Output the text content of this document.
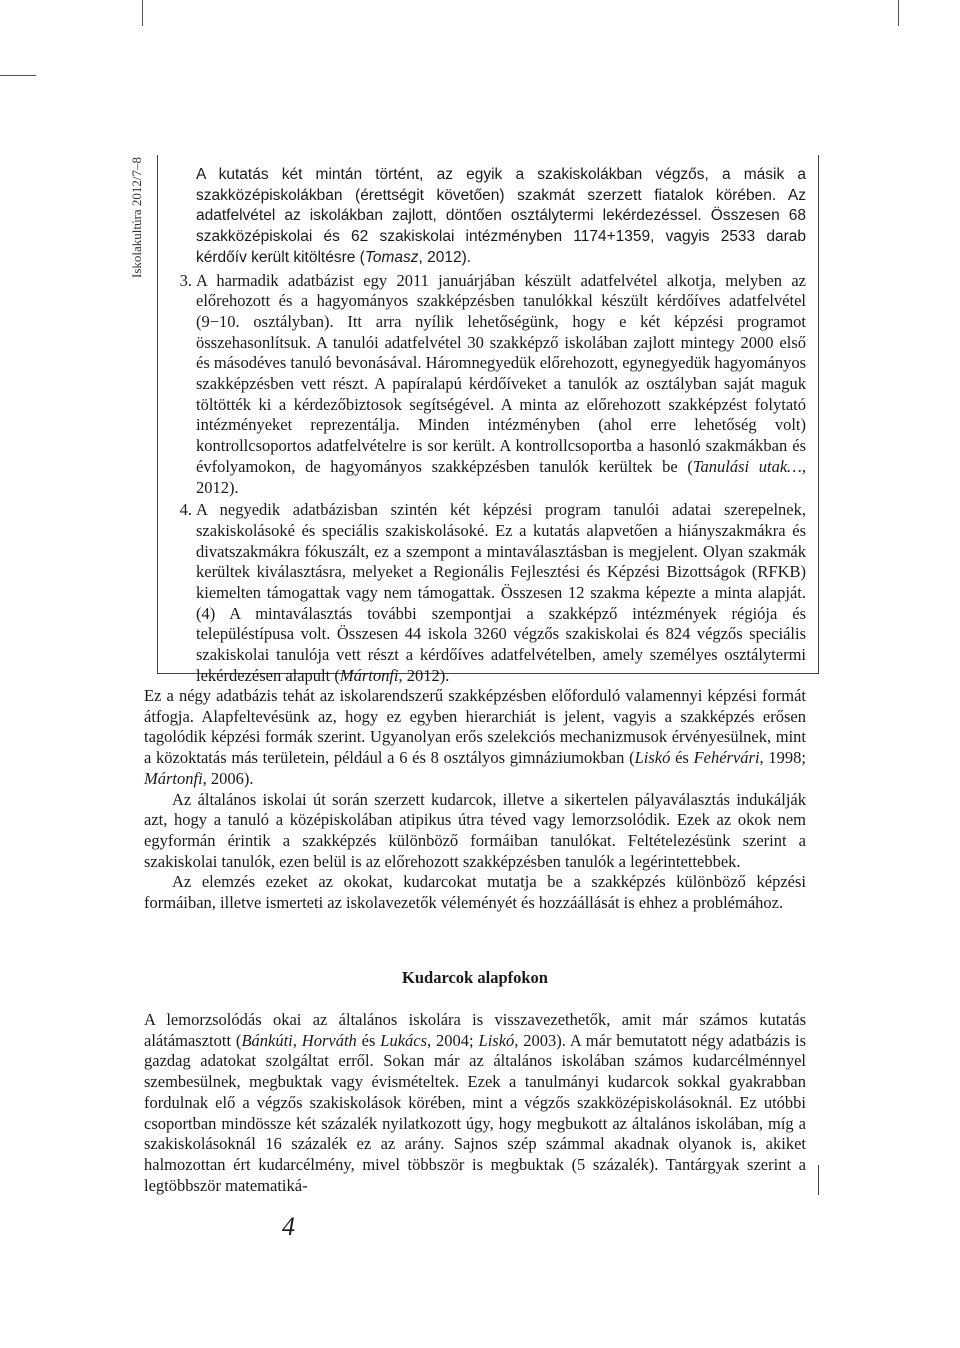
Iskolakultúra 2012/7–8	A kutatás két mintán történt, az egyik a szakiskolákban végzős, a másik a szakközépiskolákban (érettségit követően) szakmát szerzett fiatalok körében. Az adatfelvétel az iskolákban zajlott, döntően osztálytermi lekérdezéssel. Összesen 68 szakközépiskolai és 62 szakiskolai intézményben 1174+1359, vagyis 2533 darab kérdőív került kitöltésre (Tomasz, 2012).
3. A harmadik adatbázist egy 2011 januárjában készült adatfelvétel alkotja, melyben az előrehozott és a hagyományos szakképzésben tanulókkal készült kérdőíves adatfelvétel (9−10. osztályban). Itt arra nyílik lehetőségünk, hogy e két képzési programot összehasonlítsuk. A tanulói adatfelvétel 30 szakképző iskolában zajlott mintegy 2000 első és másodéves tanuló bevonásával. Háromnegyedük előrehozott, egynegyedük hagyományos szakképzésben vett részt. A papíralapú kérdőíveket a tanulók az osztályban saját maguk töltötték ki a kérdezőbiztosok segítségével. A minta az előrehozott szakképzést folytató intézményeket reprezentálja. Minden intézményben (ahol erre lehetőség volt) kontrollcsoportos adatfelvételre is sor került. A kontrollcsoportba a hasonló szakmákban és évfolyamokon, de hagyományos szakképzésben tanulók kerültek be (Tanulási utak…, 2012).
4. A negyedik adatbázisban szintén két képzési program tanulói adatai szerepelnek, szakiskolásoké és speciális szakiskolásoké. Ez a kutatás alapvetően a hiányszakmákra és divatszakmákra fókuszált, ez a szempont a mintaválasztásban is megjelent. Olyan szakmák kerültek kiválasztásra, melyeket a Regionális Fejlesztési és Képzési Bizottságok (RFKB) kiemelten támogattak vagy nem támogattak. Összesen 12 szakma képezte a minta alapját.(4) A mintaválasztás további szempontjai a szakképző intézmények régiója és településtípusa volt. Összesen 44 iskola 3260 végzős szakiskolai és 824 végzős speciális szakiskolai tanulója vett részt a kérdőíves adatfelvételben, amely személyes osztálytermi lekérdezésen alapult (Mártonfi, 2012).

Ez a négy adatbázis tehát az iskolarendszerű szakképzésben előforduló valamennyi képzési formát átfogja. Alapfeltevésünk az, hogy ez egyben hierarchiát is jelent, vagyis a szakképzés erősen tagolódik képzési formák szerint. Ugyanolyan erős szelekciós mechanizmusok érvényesülnek, mint a közoktatás más területein, például a 6 és 8 osztályos gimnáziumokban (Liskó és Fehérvári, 1998; Mártonfi, 2006).

Az általános iskolai út során szerzett kudarcok, illetve a sikertelen pályaválasztás indukálják azt, hogy a tanuló a középiskolában atipikus útra téved vagy lemorzsolódik. Ezek az okok nem egyformán érintik a szakképzés különböző formáiban tanulókat. Feltételezésünk szerint a szakiskolai tanulók, ezen belül is az előrehozott szakképzésben tanulók a legérintettebbek.

Az elemzés ezeket az okokat, kudarcokat mutatja be a szakképzés különböző képzési formáiban, illetve ismerteti az iskolavezetők véleményét és hozzáállását is ehhez a problémához.

Kudarcok alapfokon

A lemorzsolódás okai az általános iskolára is visszavezethetők, amit már számos kutatás alátámasztott (Bánkúti, Horváth és Lukács, 2004; Liskó, 2003). A már bemutatott négy adatbázis is gazdag adatokat szolgáltat erről. Sokan már az általános iskolában számos kudarcélménnyel szembesülnek, megbuktak vagy évismételtek. Ezek a tanulmányi kudarcok sokkal gyakrabban fordulnak elő a végzős szakiskolások körében, mint a végzős szakközépiskolásoknál. Ez utóbbi csoportban mindössze két százalék nyilatkozott úgy, hogy megbukott az általános iskolában, míg a szakiskolásoknál 16 százalék ez az arány. Sajnos szép számmal akadnak olyanok is, akiket halmozottan ért kudarcélmény, mivel többször is megbuktak (5 százalék). Tantárgyak szerint a legtöbbször matematiká-

4
